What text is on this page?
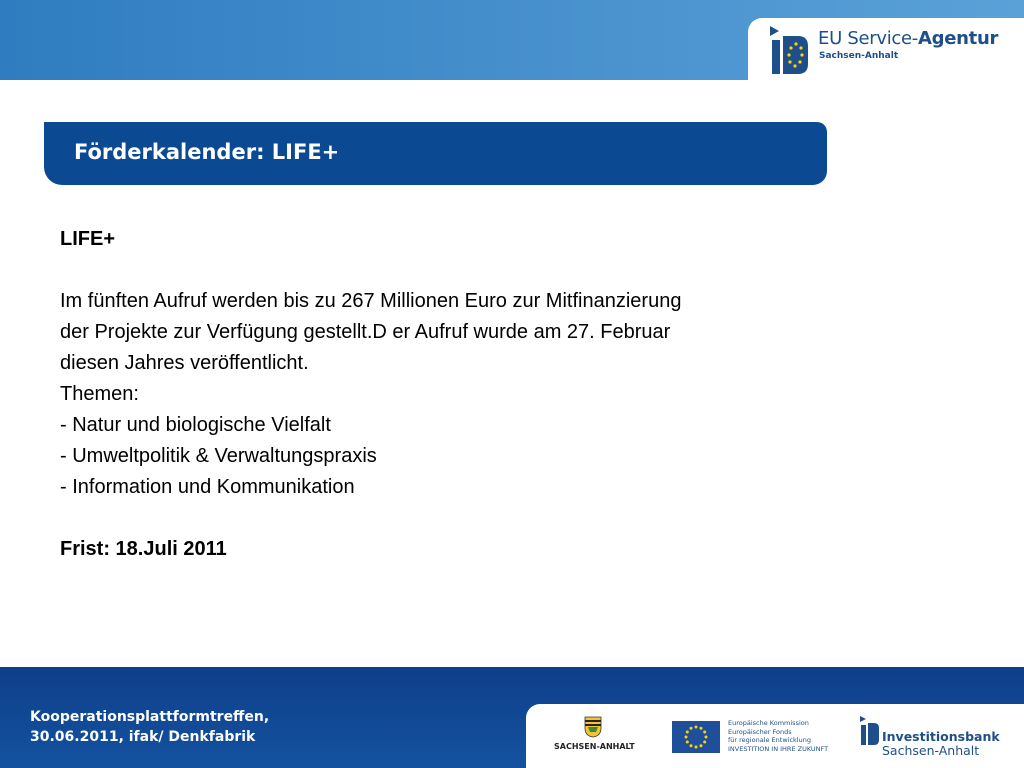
EU Service-Agentur
Sachsen-Anhalt
Förderkalender: LIFE+

LIFE+

Im fünften Aufruf werden bis zu 267 Millionen Euro zur Mitfinanzierung

der Projekte zur Verfügung gestellt.D er Aufruf wurde am 27. Februar

diesen Jahres veröffentlicht.

Themen:

- Natur und biologische Vielfalt

- Umweltpolitik & Verwaltungspraxis

- Information und Kommunikation

Frist: 18.Juli 2011

Kooperationsplattformtreffen,
30.06.2011, ifak/ Denkfabrik
SACHSEN-ANHALT
Europäische Kommission
Europäischer Fonds
für regionale Entwicklung
INVESTITION IN IHRE ZUKUNFT
Investitionsbank
Sachsen-Anhalt
